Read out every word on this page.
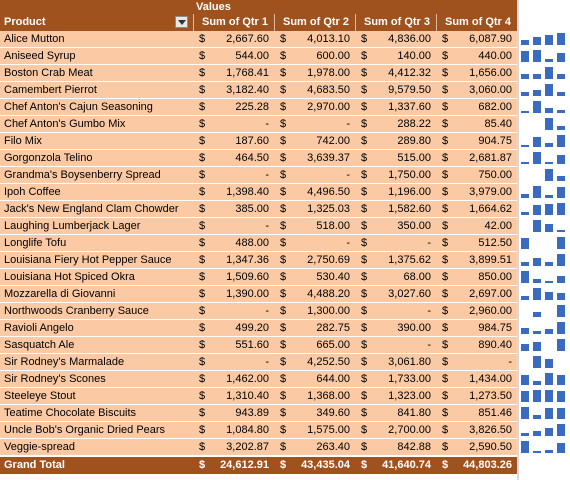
Values
Product	Sum of Qtr 1	Sum of Qtr 2	Sum of Qtr 3	Sum of Qtr 4
Alice Mutton	$	2,667.60 $	4,013.10 $	4,836.00 $	6,087.90
Aniseed Syrup	$	544.00 $	600.00 $	140.00 $	440.00
Boston Crab Meat	$	1,768.41 $	1,978.00 $	4,412.32 $	1,656.00
Camembert Pierrot	$	3,182.40 $	4,683.50 $	9,579.50 $	3,060.00
Chef Anton's Cajun Seasoning	$	225.28 $	2,970.00 $	1,337.60 $	682.00
Chef Anton's Gumbo Mix	$	- $	- $	288.22 $	85.40
Filo Mix	$	187.60 $	742.00 $	289.80 $	904.75
Gorgonzola Telino	$	464.50 $	3,639.37 $	515.00 $	2,681.87
Grandma's Boysenberry Spread	$	- $	- $	1,750.00 $	750.00
Ipoh Coffee	$	1,398.40 $	4,496.50 $	1,196.00 $	3,979.00
Jack's New England Clam Chowder $	385.00 $	1,325.03 $	1,582.60 $	1,664.62
Laughing Lumberjack Lager	$	- $	518.00 $	350.00 $	42.00
Longlife Tofu	$	488.00 $	- $	- $	512.50
Louisiana Fiery Hot Pepper Sauce $	1,347.36 $	2,750.69 $	1,375.62 $	3,899.51
Louisiana Hot Spiced Okra	$	1,509.60 $	530.40 $	68.00 $	850.00
Mozzarella di Giovanni	$	1,390.00 $	4,488.20 $	3,027.60 $	2,697.00
Northwoods Cranberry Sauce	$	- $	1,300.00 $	- $	2,960.00
Ravioli Angelo	$	499.20 $	282.75 $	390.00 $	984.75
Sasquatch Ale	$	551.60 $	665.00 $	- $	890.40
Sir Rodney's Marmalade	$	- $	4,252.50 $	3,061.80 $	-
Sir Rodney's Scones	$	1,462.00 $	644.00 $	1,733.00 $	1,434.00
Steeleye Stout	$	1,310.40 $	1,368.00 $	1,323.00 $	1,273.50
Teatime Chocolate Biscuits	$	943.89 $	349.60 $	841.80 $	851.46
Uncle Bob's Organic Dried Pears	$	1,084.80 $	1,575.00 $	2,700.00 $	3,826.50
Veggie-spread	$	3,202.87 $	263.40 $	842.88 $	2,590.50
Grand Total	$	24,612.91 $	43,435.04 $	41,640.74 $	44,803.26
